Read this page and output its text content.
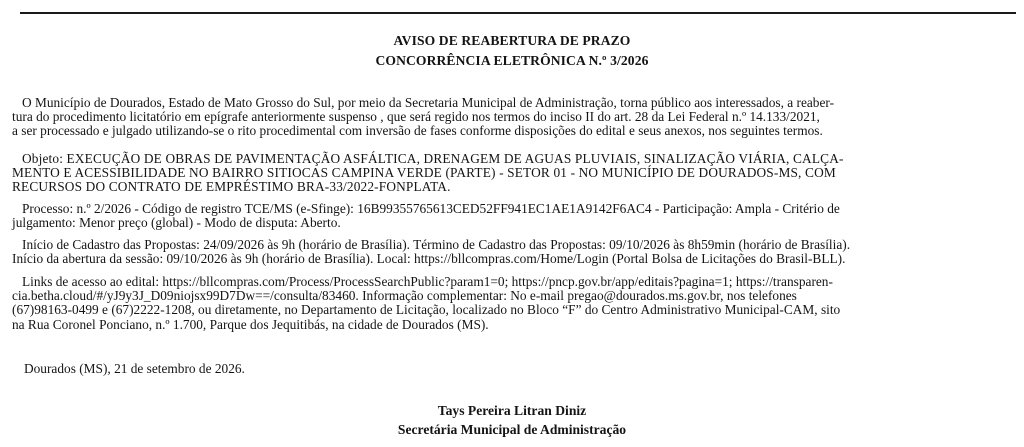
AVISO DE REABERTURA DE PRAZO
CONCORRÊNCIA ELETRÔNICA N.º 3/2026
O Município de Dourados, Estado de Mato Grosso do Sul, por meio da Secretaria Municipal de Administração, torna público aos interessados, a reaber-
tura do procedimento licitatório em epígrafe anteriormente suspenso , que será regido nos termos do inciso II do art. 28 da Lei Federal n.º 14.133/2021,
a ser processado e julgado utilizando-se o rito procedimental com inversão de fases conforme disposições do edital e seus anexos, nos seguintes termos.
Objeto: EXECUÇÃO DE OBRAS DE PAVIMENTAÇÃO ASFÁLTICA, DRENAGEM DE AGUAS PLUVIAIS, SINALIZAÇÃO VIÁRIA, CALÇA-
MENTO E ACESSIBILIDADE NO BAIRRO SITIOCAS CAMPINA VERDE (PARTE) - SETOR 01 - NO MUNICÍPIO DE DOURADOS-MS, COM
RECURSOS DO CONTRATO DE EMPRÉSTIMO BRA-33/2022-FONPLATA.
Processo: n.º 2/2026 - Código de registro TCE/MS (e-Sfinge): 16B99355765613CED52FF941EC1AE1A9142F6AC4 - Participação: Ampla - Critério de
julgamento: Menor preço (global) - Modo de disputa: Aberto.
Início de Cadastro das Propostas: 24/09/2026 às 9h (horário de Brasília). Término de Cadastro das Propostas: 09/10/2026 às 8h59min (horário de Brasília).
Início da abertura da sessão: 09/10/2026 às 9h (horário de Brasília). Local: https://bllcompras.com/Home/Login (Portal Bolsa de Licitações do Brasil-BLL).
Links de acesso ao edital: https://bllcompras.com/Process/ProcessSearchPublic?param1=0; https://pncp.gov.br/app/editais?pagina=1; https://transparen-
cia.betha.cloud/#/yJ9y3J_D09niojsx99D7Dw==/consulta/83460. Informação complementar: No e-mail pregao@dourados.ms.gov.br, nos telefones
(67)98163-0499 e (67)2222-1208, ou diretamente, no Departamento de Licitação, localizado no Bloco “F” do Centro Administrativo Municipal-CAM, sito
na Rua Coronel Ponciano, n.º 1.700, Parque dos Jequitibás, na cidade de Dourados (MS).
Dourados (MS), 21 de setembro de 2026.
Tays Pereira Litran Diniz
Secretária Municipal de Administração
